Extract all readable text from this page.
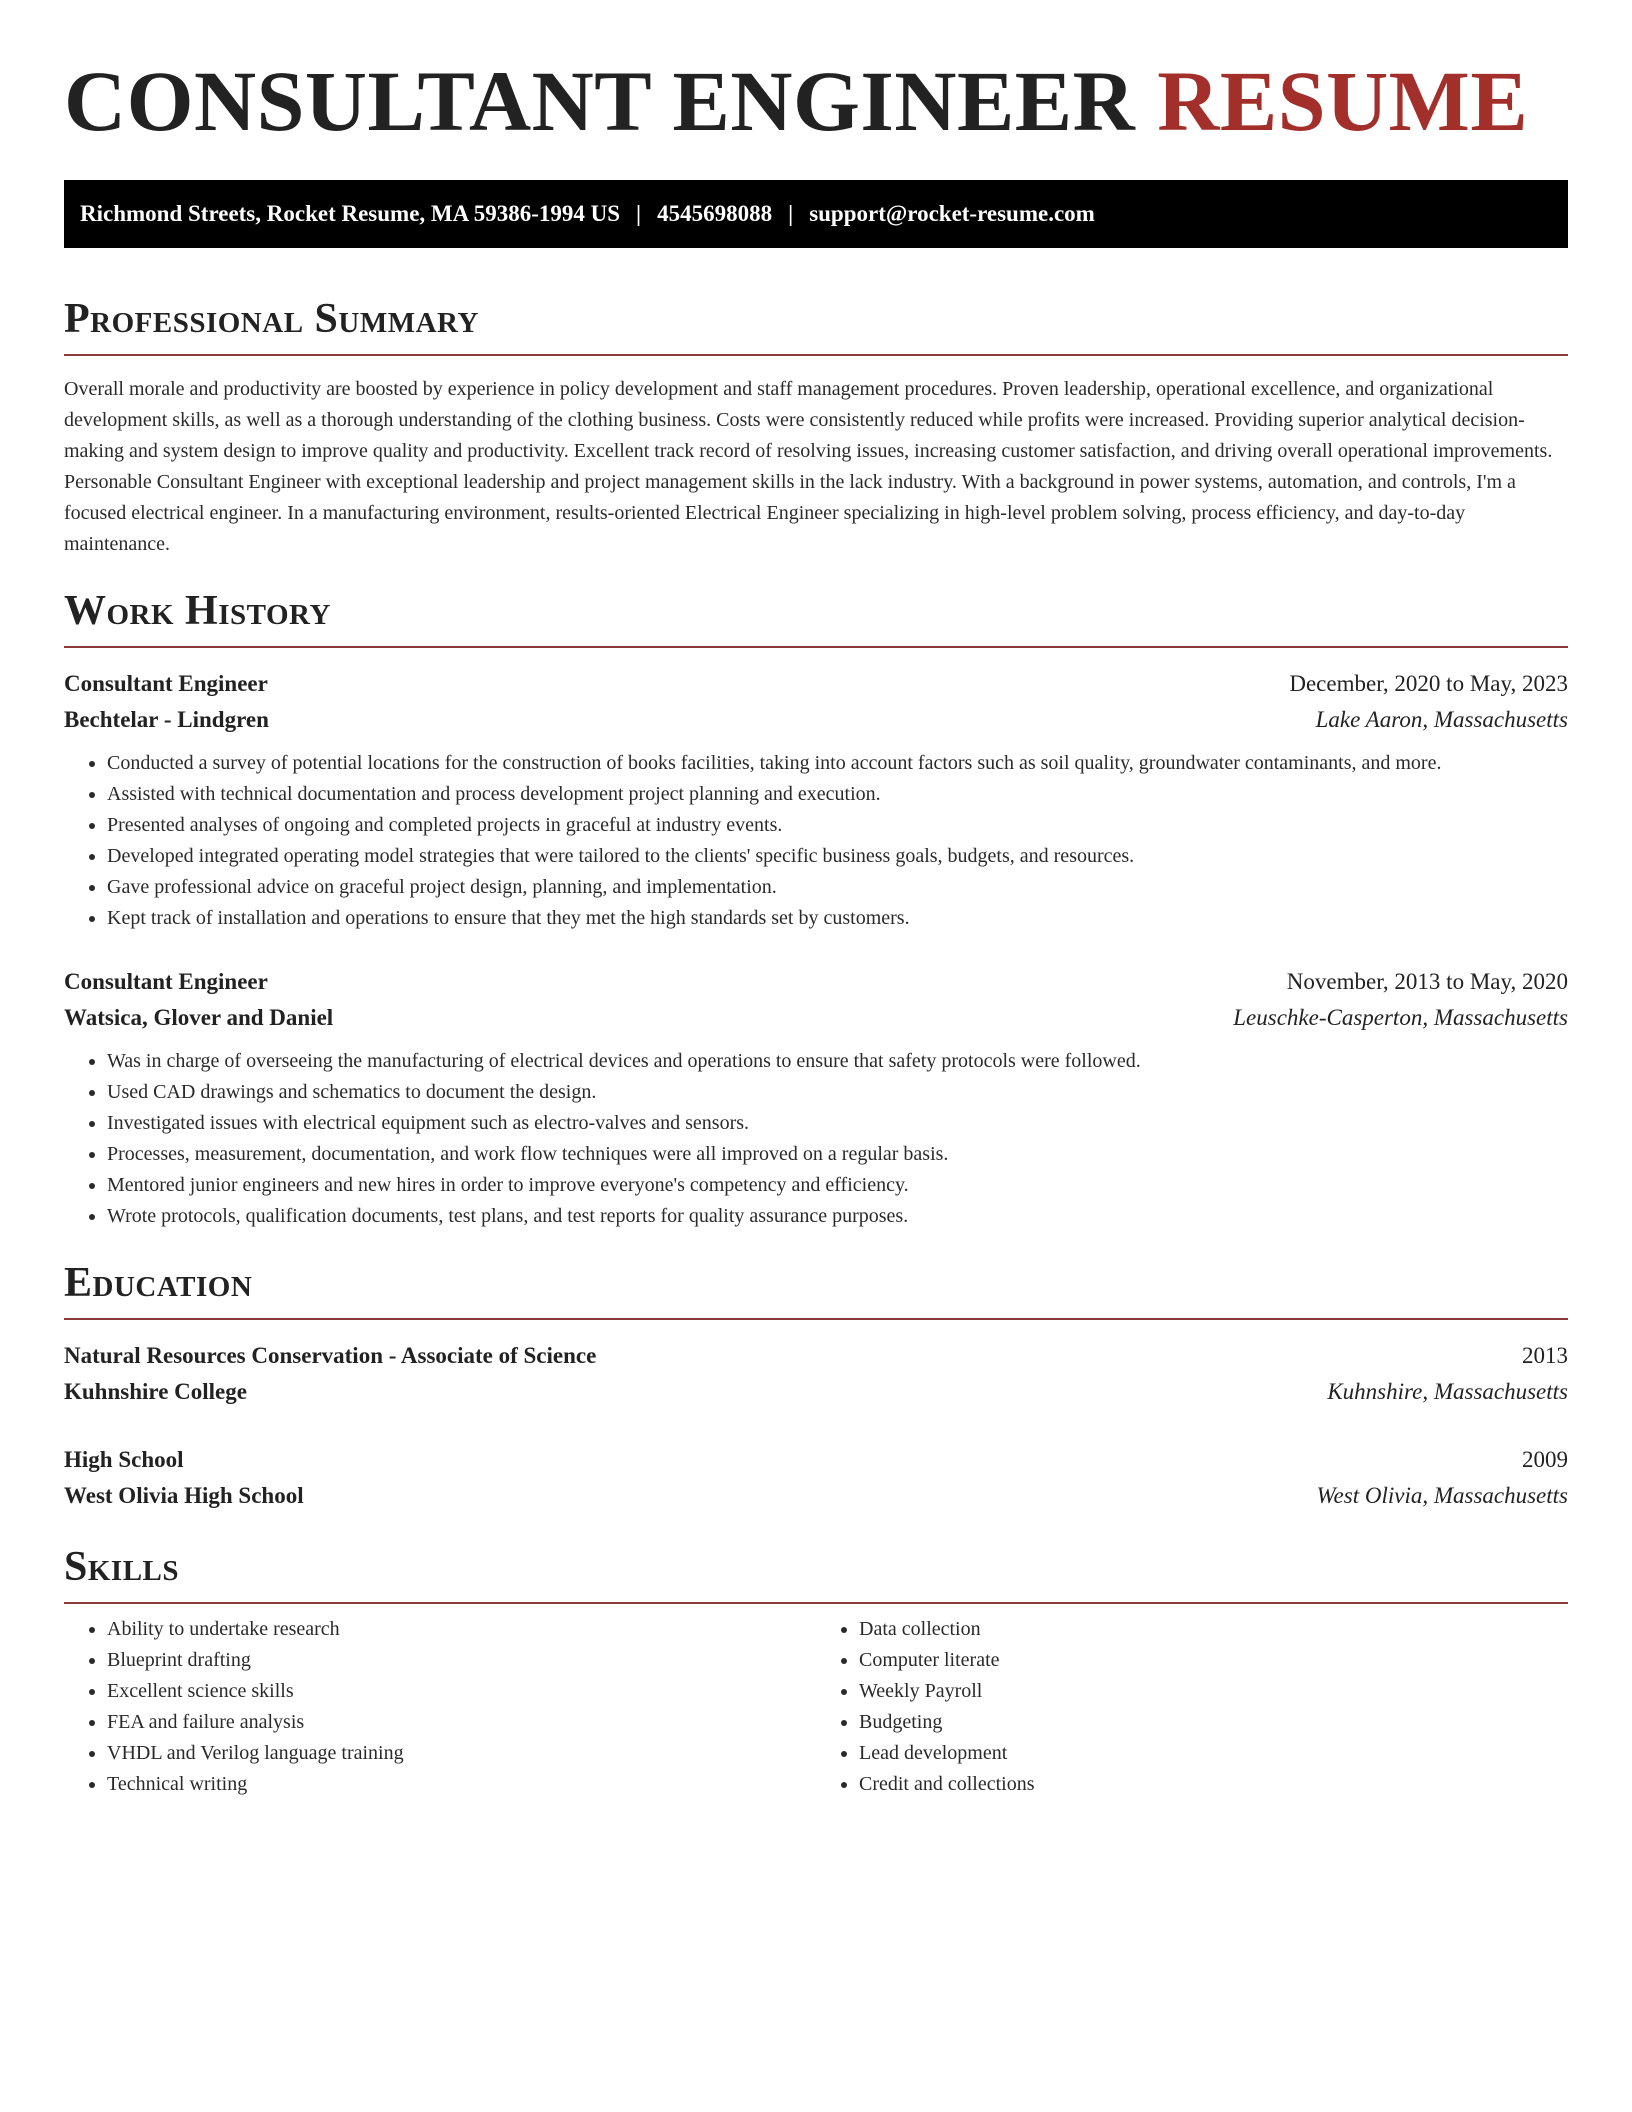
CONSULTANT ENGINEER RESUME
Richmond Streets, Rocket Resume, MA 59386-1994 US | 4545698088 | support@rocket-resume.com
Professional Summary

Overall morale and productivity are boosted by experience in policy development and staff management procedures. Proven leadership, operational excellence, and organizational development skills, as well as a thorough understanding of the clothing business. Costs were consistently reduced while profits were increased. Providing superior analytical decision-making and system design to improve quality and productivity. Excellent track record of resolving issues, increasing customer satisfaction, and driving overall operational improvements. Personable Consultant Engineer with exceptional leadership and project management skills in the lack industry. With a background in power systems, automation, and controls, I'm a focused electrical engineer. In a manufacturing environment, results-oriented Electrical Engineer specializing in high-level problem solving, process efficiency, and day-to-day maintenance.

Work History
Consultant Engineer	December, 2020 to May, 2023
Bechtelar - Lindgren	Lake Aaron, Massachusetts
• Conducted a survey of potential locations for the construction of books facilities, taking into account factors such as soil quality, groundwater contaminants, and more.
• Assisted with technical documentation and process development project planning and execution.
• Presented analyses of ongoing and completed projects in graceful at industry events.
• Developed integrated operating model strategies that were tailored to the clients' specific business goals, budgets, and resources.
• Gave professional advice on graceful project design, planning, and implementation.
• Kept track of installation and operations to ensure that they met the high standards set by customers.
Consultant Engineer	November, 2013 to May, 2020
Watsica, Glover and Daniel	Leuschke-Casperton, Massachusetts
• Was in charge of overseeing the manufacturing of electrical devices and operations to ensure that safety protocols were followed.
• Used CAD drawings and schematics to document the design.
• Investigated issues with electrical equipment such as electro-valves and sensors.
• Processes, measurement, documentation, and work flow techniques were all improved on a regular basis.
• Mentored junior engineers and new hires in order to improve everyone's competency and efficiency.
• Wrote protocols, qualification documents, test plans, and test reports for quality assurance purposes.
Education
Natural Resources Conservation - Associate of Science	2013
Kuhnshire College	Kuhnshire, Massachusetts
High School	2009
West Olivia High School	West Olivia, Massachusetts
Skills
• Ability to undertake research
• Blueprint drafting
• Excellent science skills
• FEA and failure analysis
• VHDL and Verilog language training
• Technical writing
• Data collection
• Computer literate
• Weekly Payroll
• Budgeting
• Lead development
• Credit and collections
